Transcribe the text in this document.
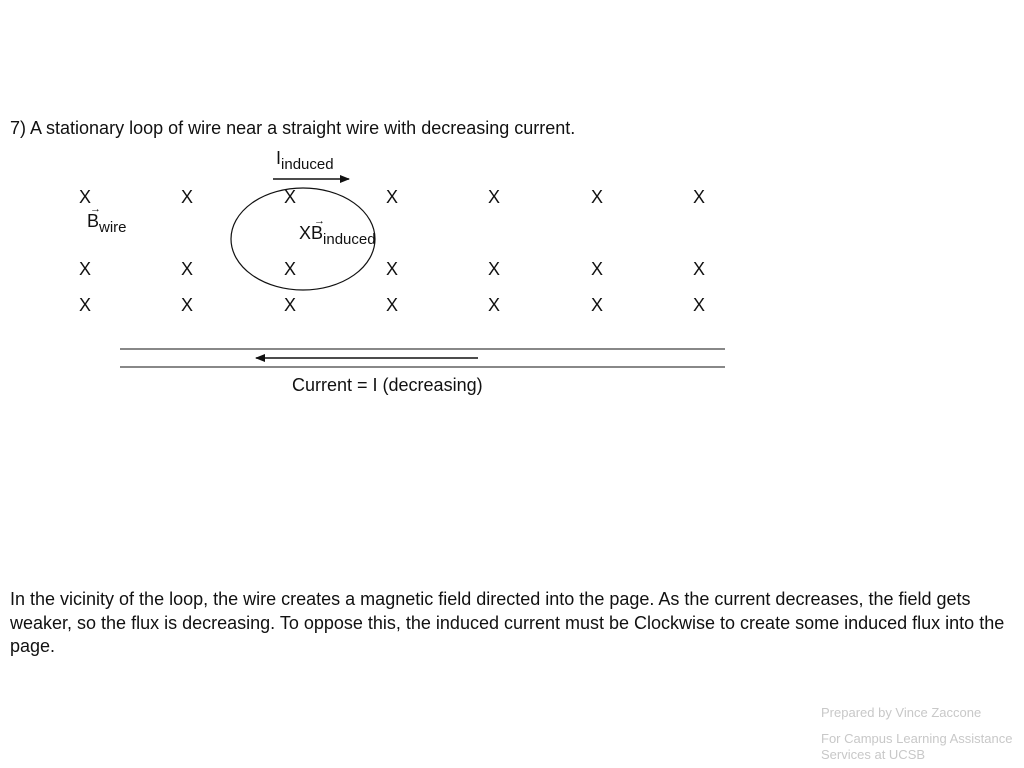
7) A stationary loop of wire near a straight wire with decreasing current.
X	X	X	X	X	X	X
X	X	X	X	X	X	X
X	X	X	X	X	X	X
$I_{induced}$
→
$B_{wire}$	X
→
$B_{induced}$
Current = I (decreasing)
In the vicinity of the loop, the wire creates a magnetic field directed into the page. As the current decreases, the field gets weaker, so the flux is decreasing. To oppose this, the induced current must be Clockwise to create some induced flux into the page.
Prepared by Vince Zaccone
For Campus Learning Assistance Services at UCSB
